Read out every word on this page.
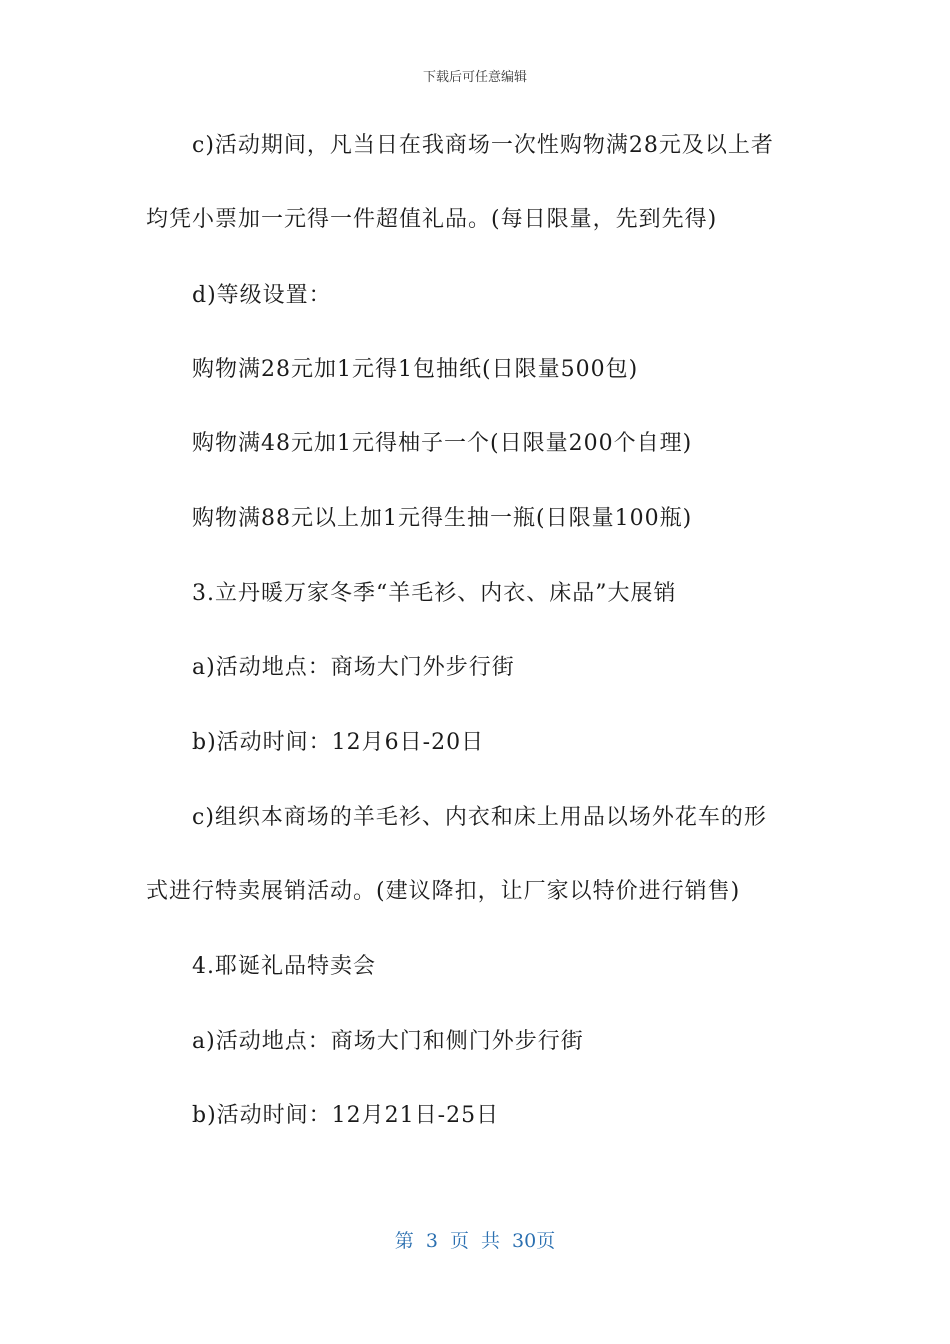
下载后可任意编辑
c)活动期间，凡当日在我商场一次性购物满28元及以上者
均凭小票加一元得一件超值礼品。(每日限量，先到先得)
d)等级设置：
购物满28元加1元得1包抽纸(日限量500包)
购物满48元加1元得柚子一个(日限量200个自理)
购物满88元以上加1元得生抽一瓶(日限量100瓶)
3.立丹暖万家冬季“羊毛衫、内衣、床品”大展销
a)活动地点：商场大门外步行街
b)活动时间：12月6日-20日
c)组织本商场的羊毛衫、内衣和床上用品以场外花车的形
式进行特卖展销活动。(建议降扣，让厂家以特价进行销售)
4.耶诞礼品特卖会
a)活动地点：商场大门和侧门外步行街
b)活动时间：12月21日-25日
第 3 页 共 30页
